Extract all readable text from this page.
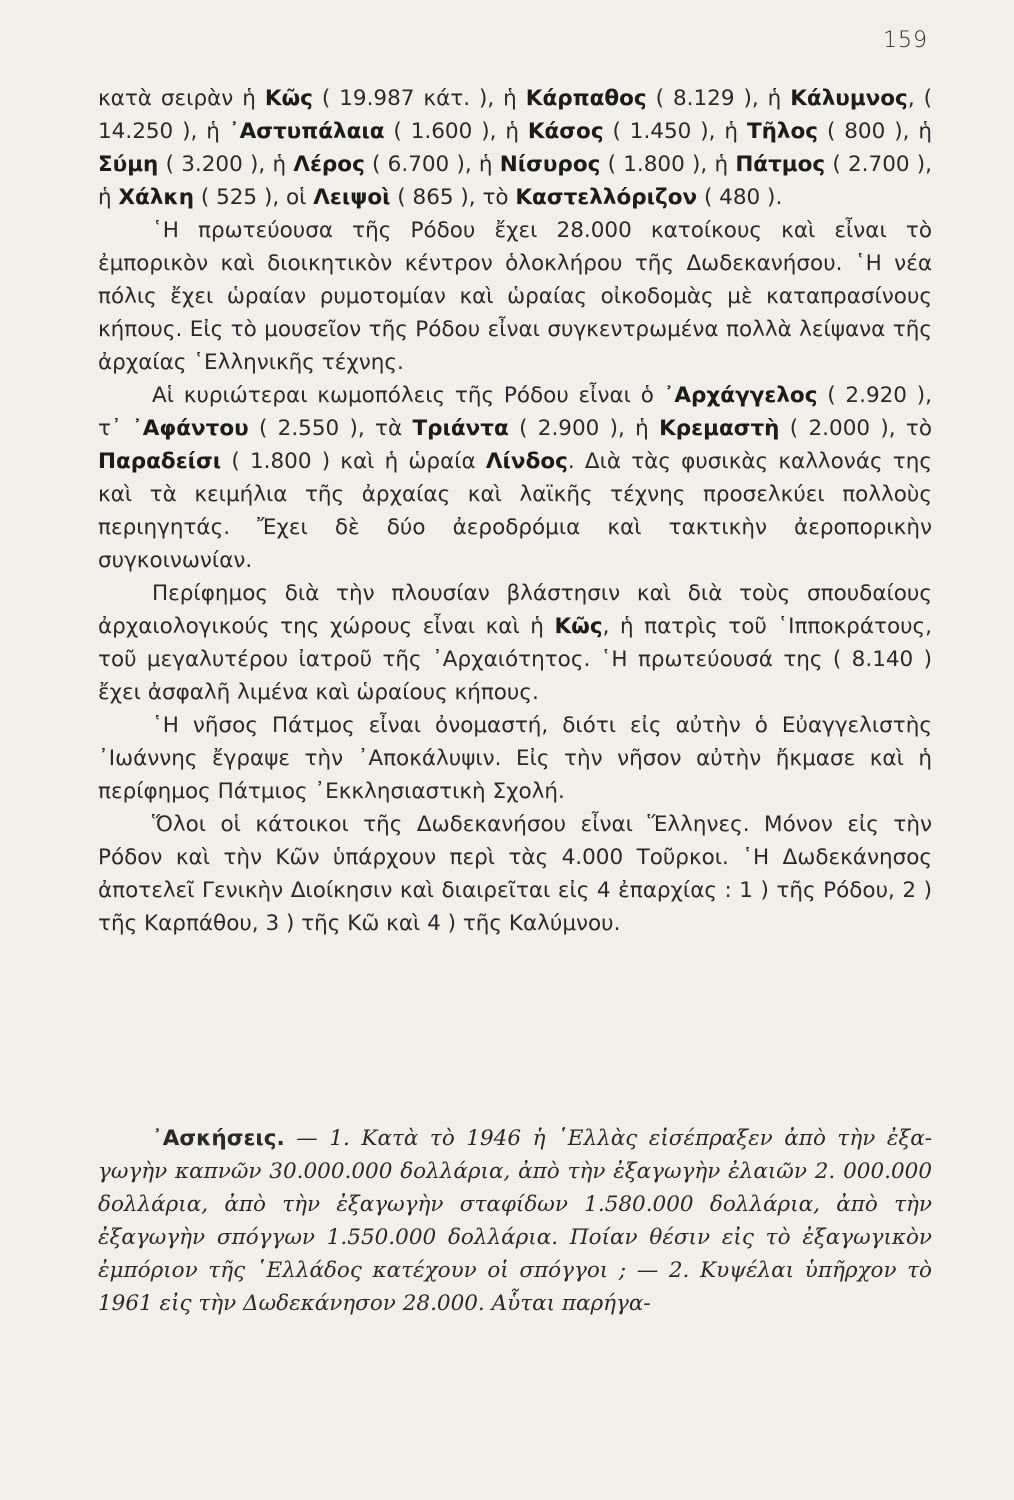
159

κατὰ σειρὰν ἡ Κῶς ( 19.987 κάτ. ), ἡ Κάρπαθος ( 8.129 ), ἡ Κάλυμνος, ( 14.250 ), ἡ ᾿Αστυπάλαια ( 1.600 ), ἡ Κάσος ( 1.450 ), ἡ Τῆλος ( 800 ), ἡ Σύμη ( 3.200 ), ἡ Λέρος ( 6.700 ), ἡ Νίσυρος ( 1.800 ), ἡ Πάτμος ( 2.700 ), ἡ Χάλκη ( 525 ), οἱ Λειψοὶ ( 865 ), τὸ Καστελλόριζον ( 480 ).

῾Η πρωτεύουσα τῆς Ρόδου ἔχει 28.000 κατοίκους καὶ εἶναι τὸ ἐμπορικὸν καὶ διοικητικὸν κέντρον ὁλοκλήρου τῆς Δωδεκανήσου. ῾Η νέα πόλις ἔχει ὡραίαν ρυμοτομίαν καὶ ὡραίας οἰκοδομὰς μὲ καταπρασίνους κήπους. Εἰς τὸ μουσεῖον τῆς Ρόδου εἶναι συγκεντρωμένα πολλὰ λείψανα τῆς ἀρχαίας ῾Ελληνικῆς τέχνης.

Αἱ κυριώτεραι κωμοπόλεις τῆς Ρόδου εἶναι ὁ ᾿Αρχάγγελος ( 2.920 ), τ᾿ ᾿Αφάντου ( 2.550 ), τὰ Τριάντα ( 2.900 ), ἡ Κρεμαστὴ ( 2.000 ), τὸ Παραδείσι ( 1.800 ) καὶ ἡ ὡραία Λίνδος. Διὰ τὰς φυσικὰς καλλονάς της καὶ τὰ κειμήλια τῆς ἀρχαίας καὶ λαϊκῆς τέχνης προσελκύει πολλοὺς περιηγητάς. Ἔχει δὲ δύο ἀεροδρόμια καὶ τακτικὴν ἀεροπορικὴν συγκοινωνίαν.

Περίφημος διὰ τὴν πλουσίαν βλάστησιν καὶ διὰ τοὺς σπουδαίους ἀρχαιολογικούς της χώρους εἶναι καὶ ἡ Κῶς, ἡ πατρὶς τοῦ ῾Ιπποκράτους, τοῦ μεγαλυτέρου ἰατροῦ τῆς ᾿Αρχαιότητος. ῾Η πρωτεύουσά της ( 8.140 ) ἔχει ἀσφαλῆ λιμένα καὶ ὡραίους κήπους.

῾Η νῆσος Πάτμος εἶναι ὀνομαστή, διότι εἰς αὐτὴν ὁ Εὐαγγελιστὴς ᾿Ιωάννης ἔγραψε τὴν ᾿Αποκάλυψιν. Εἰς τὴν νῆσον αὐτὴν ἤκμασε καὶ ἡ περίφημος Πάτμιος ᾿Εκκλησιαστικὴ Σχολή.

Ὅλοι οἱ κάτοικοι τῆς Δωδεκανήσου εἶναι Ἕλληνες. Μόνον εἰς τὴν Ρόδον καὶ τὴν Κῶν ὑπάρχουν περὶ τὰς 4.000 Τοῦρκοι. ῾Η Δωδεκάνησος ἀποτελεῖ Γενικὴν Διοίκησιν καὶ διαιρεῖται εἰς 4 ἐπαρχίας : 1 ) τῆς Ρόδου, 2 ) τῆς Καρπάθου, 3 ) τῆς Κῶ καὶ 4 ) τῆς Καλύμνου.

᾿Ασκήσεις. — 1. Κατὰ τὸ 1946 ἡ ῾Ελλὰς εἰσέπραξεν ἀπὸ τὴν ἐξαγωγὴν καπνῶν 30.000.000 δολλάρια, ἀπὸ τὴν ἐξαγωγὴν ἐλαιῶν 2. 000.000 δολλάρια, ἀπὸ τὴν ἐξαγωγὴν σταφίδων 1.580.000 δολλάρια, ἀπὸ τὴν ἐξαγωγὴν σπόγγων 1.550.000 δολλάρια. Ποίαν θέσιν εἰς τὸ ἐξαγωγικὸν ἐμπόριον τῆς ῾Ελλάδος κατέχουν οἱ σπόγγοι ; — 2. Κυψέλαι ὑπῆρχον τὸ 1961 εἰς τὴν Δωδεκάνησον 28.000. Αὗται παρήγα-
